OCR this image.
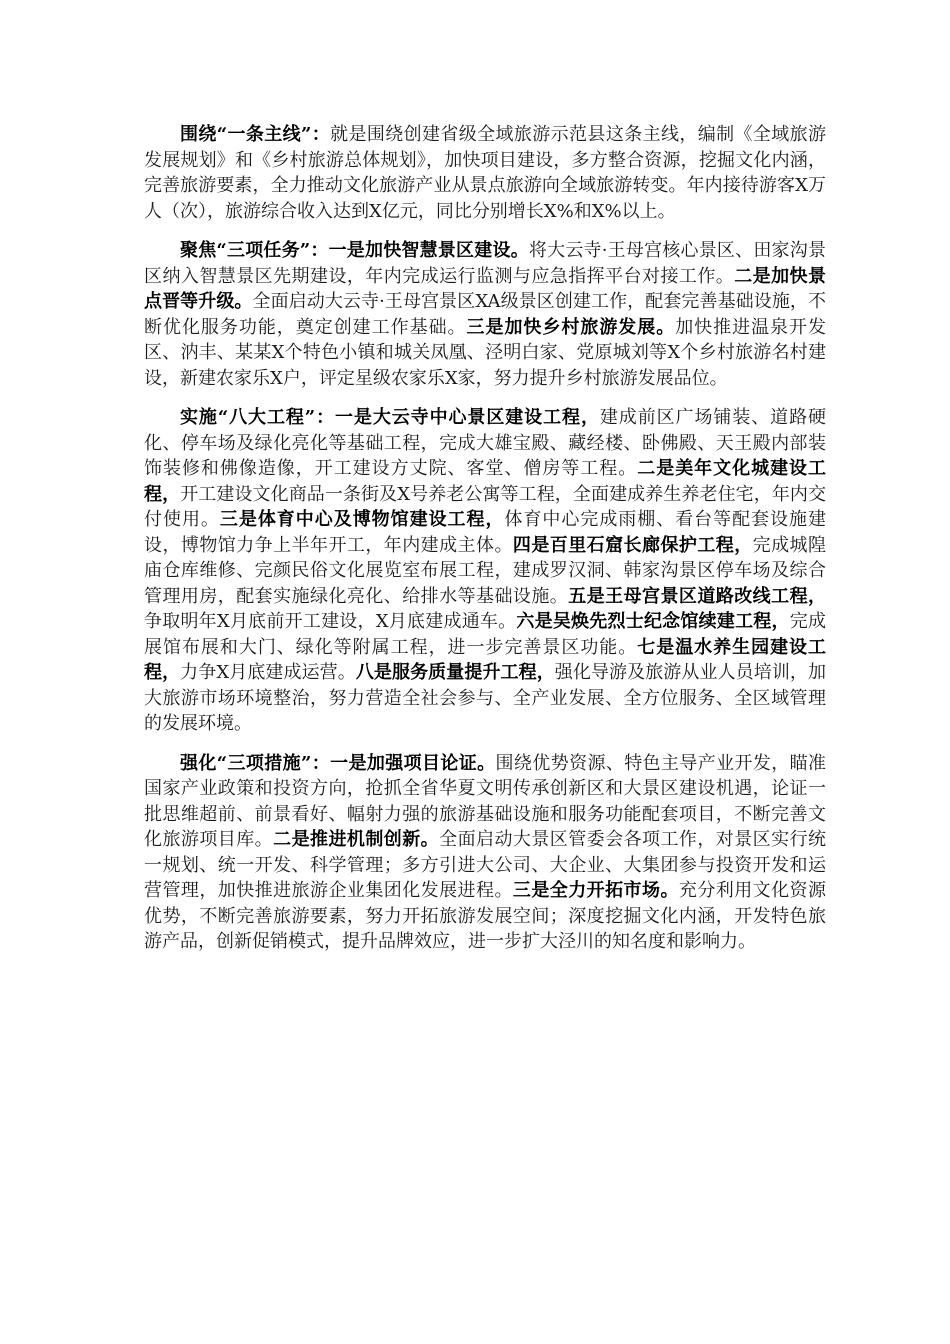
围绕“一条主线”：就是围绕创建省级全域旅游示范县这条主线，编制《全域旅游发展规划》和《乡村旅游总体规划》，加快项目建设，多方整合资源，挖掘文化内涵，完善旅游要素，全力推动文化旅游产业从景点旅游向全域旅游转变。年内接待游客X万人（次），旅游综合收入达到X亿元，同比分别增长X%和X%以上。

聚焦“三项任务”：一是加快智慧景区建设。将大云寺·王母宫核心景区、田家沟景区纳入智慧景区先期建设，年内完成运行监测与应急指挥平台对接工作。二是加快景点晋等升级。全面启动大云寺·王母宫景区XA级景区创建工作，配套完善基础设施，不断优化服务功能，奠定创建工作基础。三是加快乡村旅游发展。加快推进温泉开发区、汭丰、某某X个特色小镇和城关凤凰、泾明白家、党原城刘等X个乡村旅游名村建设，新建农家乐X户，评定星级农家乐X家，努力提升乡村旅游发展品位。

实施“八大工程”：一是大云寺中心景区建设工程，建成前区广场铺装、道路硬化、停车场及绿化亮化等基础工程，完成大雄宝殿、藏经楼、卧佛殿、天王殿内部装饰装修和佛像造像，开工建设方丈院、客堂、僧房等工程。二是美年文化城建设工程，开工建设文化商品一条街及X号养老公寓等工程，全面建成养生养老住宅，年内交付使用。三是体育中心及博物馆建设工程，体育中心完成雨棚、看台等配套设施建设，博物馆力争上半年开工，年内建成主体。四是百里石窟长廊保护工程，完成城隍庙仓库维修、完颜民俗文化展览室布展工程，建成罗汉洞、韩家沟景区停车场及综合管理用房，配套实施绿化亮化、给排水等基础设施。五是王母宫景区道路改线工程，争取明年X月底前开工建设，X月底建成通车。六是吴焕先烈士纪念馆续建工程，完成展馆布展和大门、绿化等附属工程，进一步完善景区功能。七是温水养生园建设工程，力争X月底建成运营。八是服务质量提升工程，强化导游及旅游从业人员培训，加大旅游市场环境整治，努力营造全社会参与、全产业发展、全方位服务、全区域管理的发展环境。

强化“三项措施”：一是加强项目论证。围绕优势资源、特色主导产业开发，瞄准国家产业政策和投资方向，抢抓全省华夏文明传承创新区和大景区建设机遇，论证一批思维超前、前景看好、幅射力强的旅游基础设施和服务功能配套项目，不断完善文化旅游项目库。二是推进机制创新。全面启动大景区管委会各项工作，对景区实行统一规划、统一开发、科学管理；多方引进大公司、大企业、大集团参与投资开发和运营管理，加快推进旅游企业集团化发展进程。三是全力开拓市场。充分利用文化资源优势，不断完善旅游要素，努力开拓旅游发展空间；深度挖掘文化内涵，开发特色旅游产品，创新促销模式，提升品牌效应，进一步扩大泾川的知名度和影响力。
